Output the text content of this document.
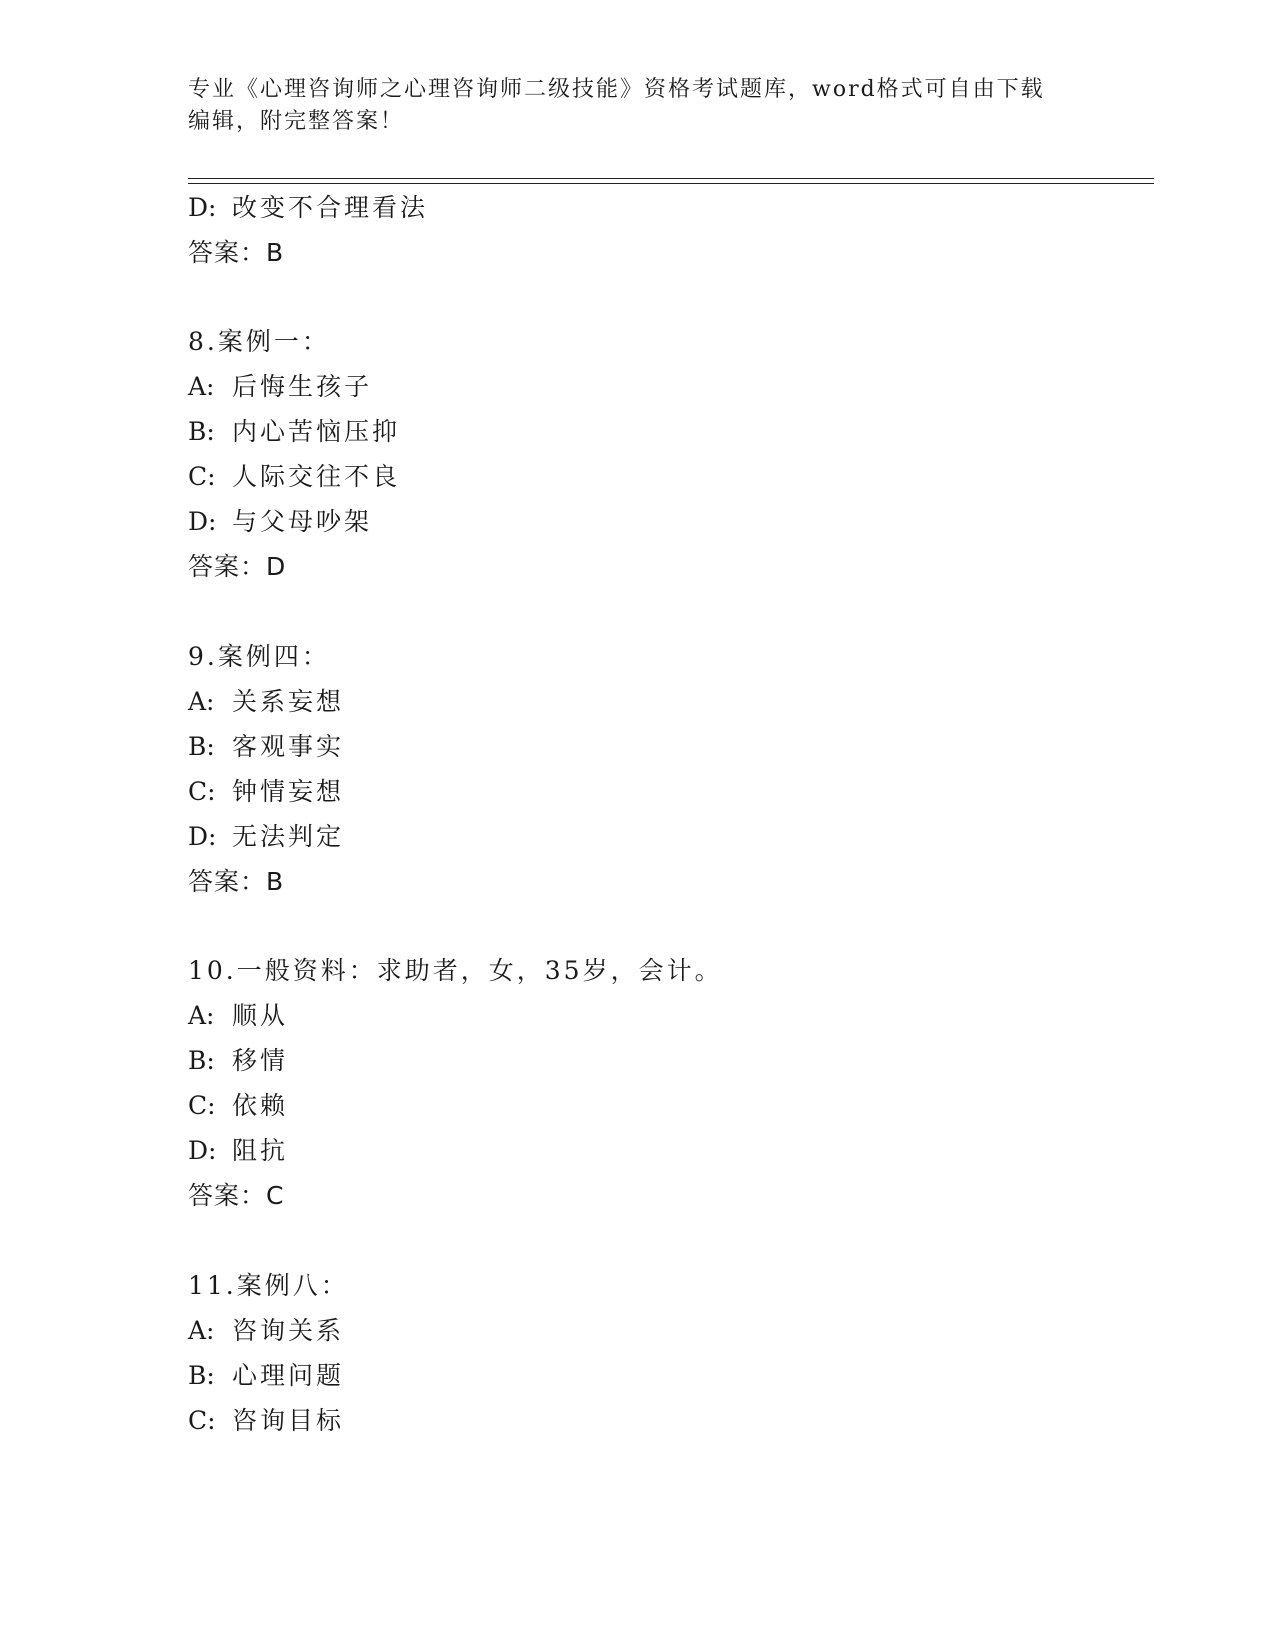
专业《心理咨询师之心理咨询师二级技能》资格考试题库，word格式可自由下载
编辑，附完整答案！
D: 改变不合理看法
答案：B
8.案例一：
A: 后悔生孩子
B: 内心苦恼压抑
C: 人际交往不良
D: 与父母吵架
答案：D
9.案例四：
A: 关系妄想
B: 客观事实
C: 钟情妄想
D: 无法判定
答案：B
10.一般资料：求助者，女，35岁，会计。
A: 顺从
B: 移情
C: 依赖
D: 阻抗
答案：C
11.案例八：
A: 咨询关系
B: 心理问题
C: 咨询目标
